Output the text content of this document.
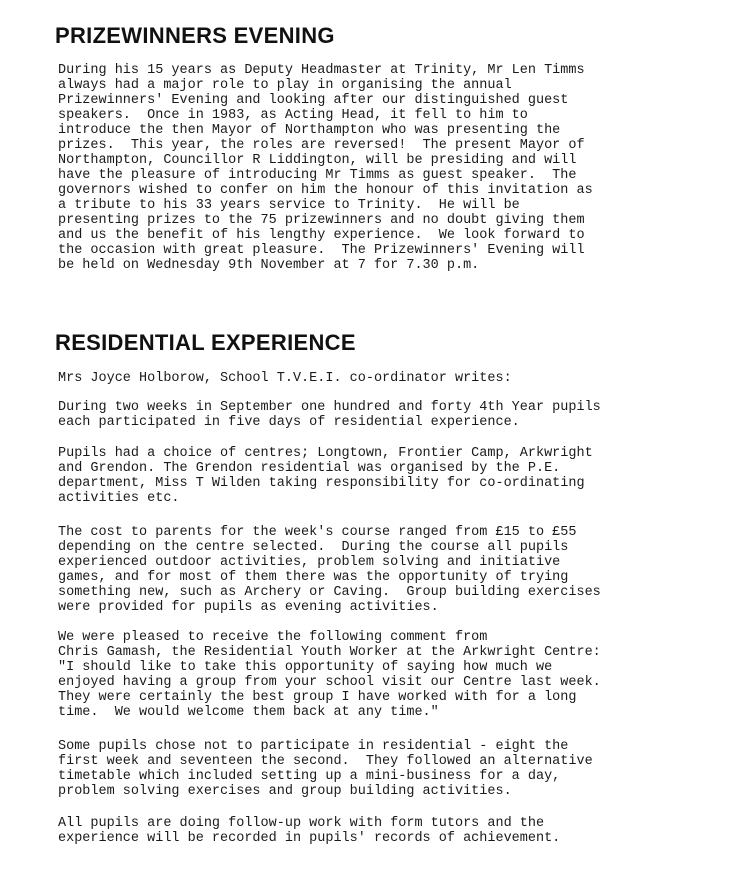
PRIZEWINNERS EVENING

During his 15 years as Deputy Headmaster at Trinity, Mr Len Timms
always had a major role to play in organising the annual
Prizewinners' Evening and looking after our distinguished guest
speakers.  Once in 1983, as Acting Head, it fell to him to
introduce the then Mayor of Northampton who was presenting the
prizes.  This year, the roles are reversed!  The present Mayor of
Northampton, Councillor R Liddington, will be presiding and will
have the pleasure of introducing Mr Timms as guest speaker.  The
governors wished to confer on him the honour of this invitation as
a tribute to his 33 years service to Trinity.  He will be
presenting prizes to the 75 prizewinners and no doubt giving them
and us the benefit of his lengthy experience.  We look forward to
the occasion with great pleasure.  The Prizewinners' Evening will
be held on Wednesday 9th November at 7 for 7.30 p.m.

RESIDENTIAL EXPERIENCE

Mrs Joyce Holborow, School T.V.E.I. co-ordinator writes:

During two weeks in September one hundred and forty 4th Year pupils
each participated in five days of residential experience.

Pupils had a choice of centres; Longtown, Frontier Camp, Arkwright
and Grendon. The Grendon residential was organised by the P.E.
department, Miss T Wilden taking responsibility for co-ordinating
activities etc.

The cost to parents for the week's course ranged from £15 to £55
depending on the centre selected.  During the course all pupils
experienced outdoor activities, problem solving and initiative
games, and for most of them there was the opportunity of trying
something new, such as Archery or Caving.  Group building exercises
were provided for pupils as evening activities.

We were pleased to receive the following comment from
Chris Gamash, the Residential Youth Worker at the Arkwright Centre:
"I should like to take this opportunity of saying how much we
enjoyed having a group from your school visit our Centre last week.
They were certainly the best group I have worked with for a long
time.  We would welcome them back at any time."

Some pupils chose not to participate in residential - eight the
first week and seventeen the second.  They followed an alternative
timetable which included setting up a mini-business for a day,
problem solving exercises and group building activities.

All pupils are doing follow-up work with form tutors and the
experience will be recorded in pupils' records of achievement.
